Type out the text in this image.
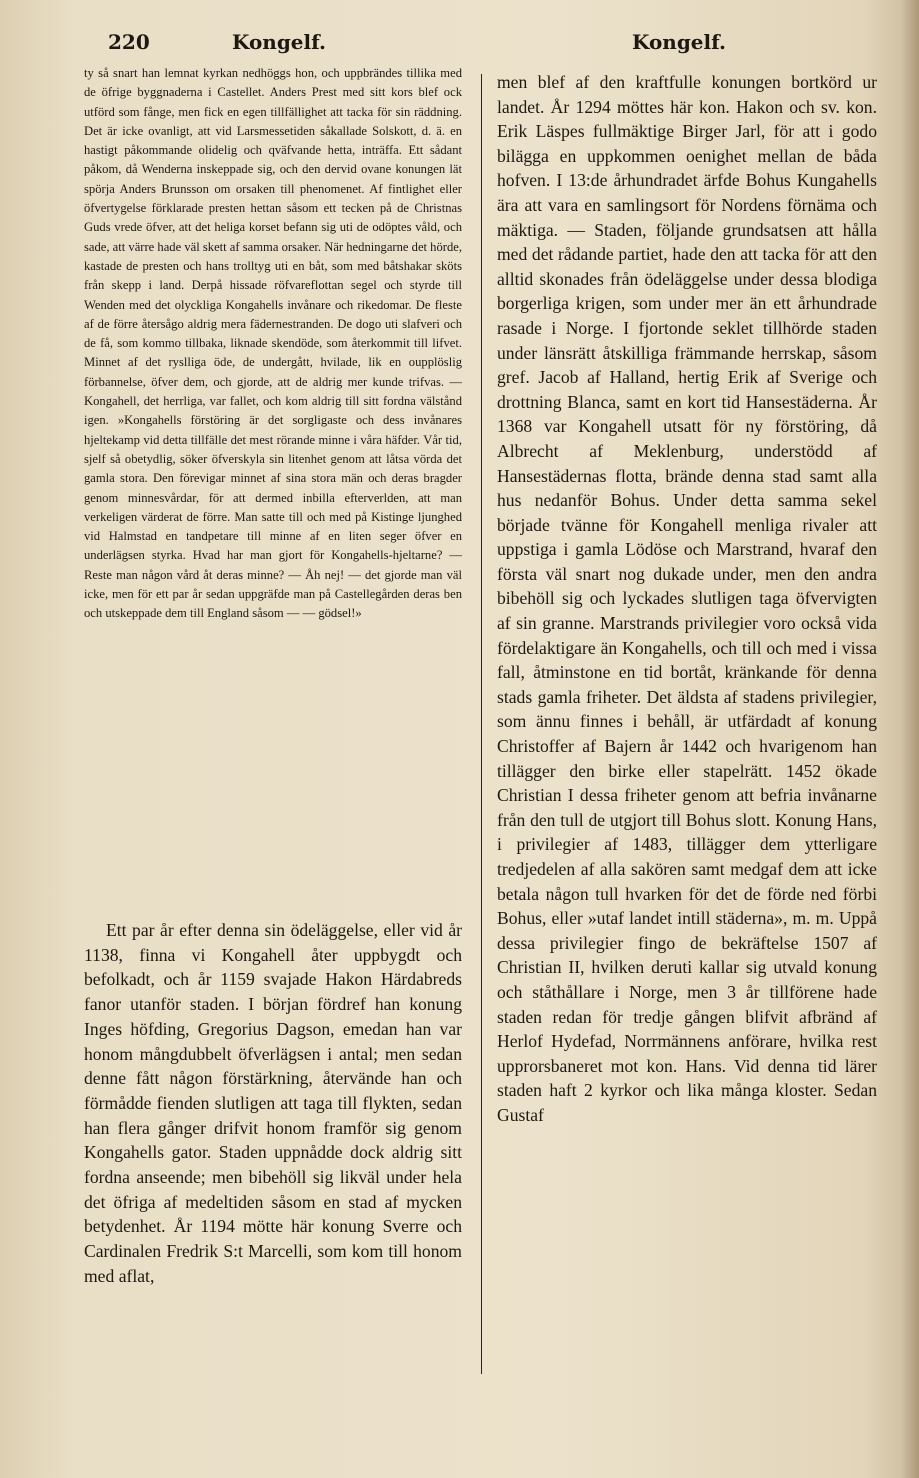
220	Kongelf.	Kongelf.

ty så snart han lemnat kyrkan nedhöggs hon, och uppbrändes tillika med de öfrige byggnaderna i Castellet. Anders Prest med sitt kors blef ock utförd som fånge, men fick en egen tillfällighet att tacka för sin räddning. Det är icke ovanligt, att vid Larsmessetiden såkallade Solskott, d. ä. en hastigt påkommande olidelig och qväfvande hetta, inträffa. Ett sådant påkom, då Wenderna inskeppade sig, och den dervid ovane konungen lät spörja Anders Brunsson om orsaken till phenomenet. Af fintlighet eller öfvertygelse förklarade presten hettan såsom ett tecken på de Christnas Guds vrede öfver, att det heliga korset befann sig uti de odöptes våld, och sade, att värre hade väl skett af samma orsaker. När hedningarne det hörde, kastade de presten och hans trolltyg uti en båt, som med båtshakar sköts från skepp i land. Derpå hissade röfvareflottan segel och styrde till Wenden med det olyckliga Kongahells invånare och rikedomar. De fleste af de förre återsågo aldrig mera fädernestranden. De dogo uti slafveri och de få, som kommo tillbaka, liknade skendöde, som återkommit till lifvet. Minnet af det ryslliga öde, de undergått, hvilade, lik en oupplöslig förbannelse, öfver dem, och gjorde, att de aldrig mer kunde trifvas. — Kongahell, det herrliga, var fallet, och kom aldrig till sitt fordna välstånd igen. »Kongahells förstöring är det sorgligaste och dess invånares hjeltekamp vid detta tillfälle det mest rörande minne i våra häfder. Vår tid, sjelf så obetydlig, söker öfverskyla sin litenhet genom att låtsa vörda det gamla stora. Den förevigar minnet af sina stora män och deras bragder genom minnesvårdar, för att dermed inbilla efterverlden, att man verkeligen värderat de förre. Man satte till och med på Kistinge ljunghed vid Halmstad en tandpetare till minne af en liten seger öfver en underlägsen styrka. Hvad har man gjort för Kongahells-hjeltarne? — Reste man någon vård åt deras minne? — Åh nej! — det gjorde man väl icke, men för ett par år sedan uppgräfde man på Castellegården deras ben och utskeppade dem till England såsom — — gödsel!»

Ett par år efter denna sin ödeläggelse, eller vid år 1138, finna vi Kongahell åter uppbygdt och befolkadt, och år 1159 svajade Hakon Härdabreds fanor utanför staden. I början fördref han konung Inges höfding, Gregorius Dagson, emedan han var honom mångdubbelt öfverlägsen i antal; men sedan denne fått någon förstärkning, återvände han och förmådde fienden slutligen att taga till flykten, sedan han flera gånger drifvit honom framför sig genom Kongahells gator. Staden uppnådde dock aldrig sitt fordna anseende; men bibehöll sig likväl under hela det öfriga af medeltiden såsom en stad af mycken betydenhet. År 1194 mötte här konung Sverre och Cardinalen Fredrik S:t Marcelli, som kom till honom med aflat,

men blef af den kraftfulle konungen bortkörd ur landet. År 1294 möttes här kon. Hakon och sv. kon. Erik Läspes fullmäktige Birger Jarl, för att i godo bilägga en uppkommen oenighet mellan de båda hofven. I 13:de århundradet ärfde Bohus Kungahells ära att vara en samlingsort för Nordens förnäma och mäktiga. — Staden, följande grundsatsen att hålla med det rådande partiet, hade den att tacka för att den alltid skonades från ödeläggelse under dessa blodiga borgerliga krigen, som under mer än ett århundrade rasade i Norge. I fjortonde seklet tillhörde staden under länsrätt åtskilliga främmande herrskap, såsom gref. Jacob af Halland, hertig Erik af Sverige och drottning Blanca, samt en kort tid Hansestäderna. År 1368 var Kongahell utsatt för ny förstöring, då Albrecht af Meklenburg, understödd af Hansestädernas flotta, brände denna stad samt alla hus nedanför Bohus. Under detta samma sekel började tvänne för Kongahell menliga rivaler att uppstiga i gamla Lödöse och Marstrand, hvaraf den första väl snart nog dukade under, men den andra bibehöll sig och lyckades slutligen taga öfvervigten af sin granne. Marstrands privilegier voro också vida fördelaktigare än Kongahells, och till och med i vissa fall, åtminstone en tid bortåt, kränkande för denna stads gamla friheter. Det äldsta af stadens privilegier, som ännu finnes i behåll, är utfärdadt af konung Christoffer af Bajern år 1442 och hvarigenom han tillägger den birke eller stapelrätt. 1452 ökade Christian I dessa friheter genom att befria invånarne från den tull de utgjort till Bohus slott. Konung Hans, i privilegier af 1483, tillägger dem ytterligare tredjedelen af alla sakören samt medgaf dem att icke betala någon tull hvarken för det de förde ned förbi Bohus, eller »utaf landet intill städerna», m. m. Uppå dessa privilegier fingo de bekräftelse 1507 af Christian II, hvilken deruti kallar sig utvald konung och ståthållare i Norge, men 3 år tillförene hade staden redan för tredje gången blifvit afbränd af Herlof Hydefad, Norrmännens anförare, hvilka rest upprorsbaneret mot kon. Hans. Vid denna tid lärer staden haft 2 kyrkor och lika många kloster. Sedan Gustaf
